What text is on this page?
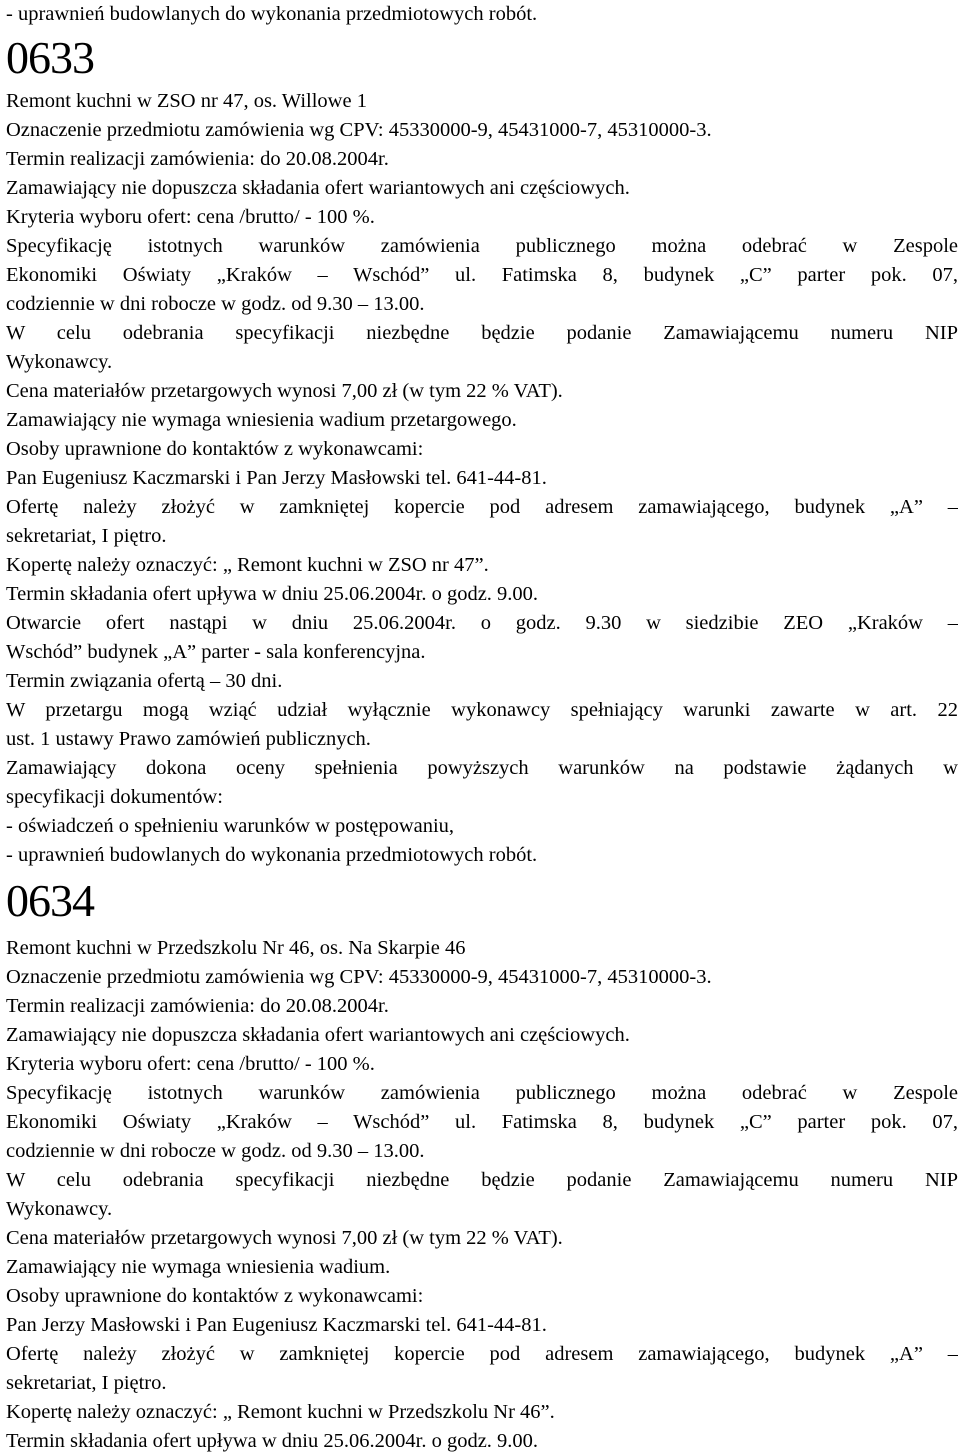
- uprawnień budowlanych do wykonania przedmiotowych robót.
0633
Remont kuchni w ZSO nr 47, os. Willowe 1
Oznaczenie przedmiotu zamówienia wg CPV: 45330000-9, 45431000-7, 45310000-3.
Termin realizacji zamówienia: do 20.08.2004r.
Zamawiający nie dopuszcza składania ofert wariantowych ani częściowych.
Kryteria wyboru ofert: cena /brutto/ - 100 %.
Specyfikację istotnych warunków zamówienia publicznego można odebrać w Zespole
Ekonomiki Oświaty „Kraków – Wschód” ul. Fatimska 8, budynek „C” parter pok. 07,
codziennie w dni robocze w godz. od 9.30 – 13.00.
W celu odebrania specyfikacji niezbędne będzie podanie Zamawiającemu numeru NIP
Wykonawcy.
Cena materiałów przetargowych wynosi 7,00 zł (w tym 22 % VAT).
Zamawiający nie wymaga wniesienia wadium przetargowego.
Osoby uprawnione do kontaktów z wykonawcami:
Pan Eugeniusz Kaczmarski i Pan Jerzy Masłowski tel. 641-44-81.
Ofertę należy złożyć w zamkniętej kopercie pod adresem zamawiającego, budynek „A” –
sekretariat, I piętro.
Kopertę należy oznaczyć: „ Remont kuchni w ZSO nr 47”.
Termin składania ofert upływa w dniu 25.06.2004r. o godz. 9.00.
Otwarcie ofert nastąpi w dniu 25.06.2004r. o godz. 9.30 w siedzibie ZEO „Kraków –
Wschód” budynek „A” parter - sala konferencyjna.
Termin związania ofertą – 30 dni.
W przetargu mogą wziąć udział wyłącznie wykonawcy spełniający warunki zawarte w art. 22
ust. 1 ustawy Prawo zamówień publicznych.
Zamawiający dokona oceny spełnienia powyższych warunków na podstawie żądanych w
specyfikacji dokumentów:
- oświadczeń o spełnieniu warunków w postępowaniu,
- uprawnień budowlanych do wykonania przedmiotowych robót.
0634
Remont kuchni w Przedszkolu Nr 46, os. Na Skarpie 46
Oznaczenie przedmiotu zamówienia wg CPV: 45330000-9, 45431000-7, 45310000-3.
Termin realizacji zamówienia: do 20.08.2004r.
Zamawiający nie dopuszcza składania ofert wariantowych ani częściowych.
Kryteria wyboru ofert: cena /brutto/ - 100 %.
Specyfikację istotnych warunków zamówienia publicznego można odebrać w Zespole
Ekonomiki Oświaty „Kraków – Wschód” ul. Fatimska 8, budynek „C” parter pok. 07,
codziennie w dni robocze w godz. od 9.30 – 13.00.
W celu odebrania specyfikacji niezbędne będzie podanie Zamawiającemu numeru NIP
Wykonawcy.
Cena materiałów przetargowych wynosi 7,00 zł (w tym 22 % VAT).
Zamawiający nie wymaga wniesienia wadium.
Osoby uprawnione do kontaktów z wykonawcami:
Pan Jerzy Masłowski i Pan Eugeniusz Kaczmarski tel. 641-44-81.
Ofertę należy złożyć w zamkniętej kopercie pod adresem zamawiającego, budynek „A” –
sekretariat, I piętro.
Kopertę należy oznaczyć: „ Remont kuchni w Przedszkolu Nr 46”.
Termin składania ofert upływa w dniu 25.06.2004r. o godz. 9.00.
